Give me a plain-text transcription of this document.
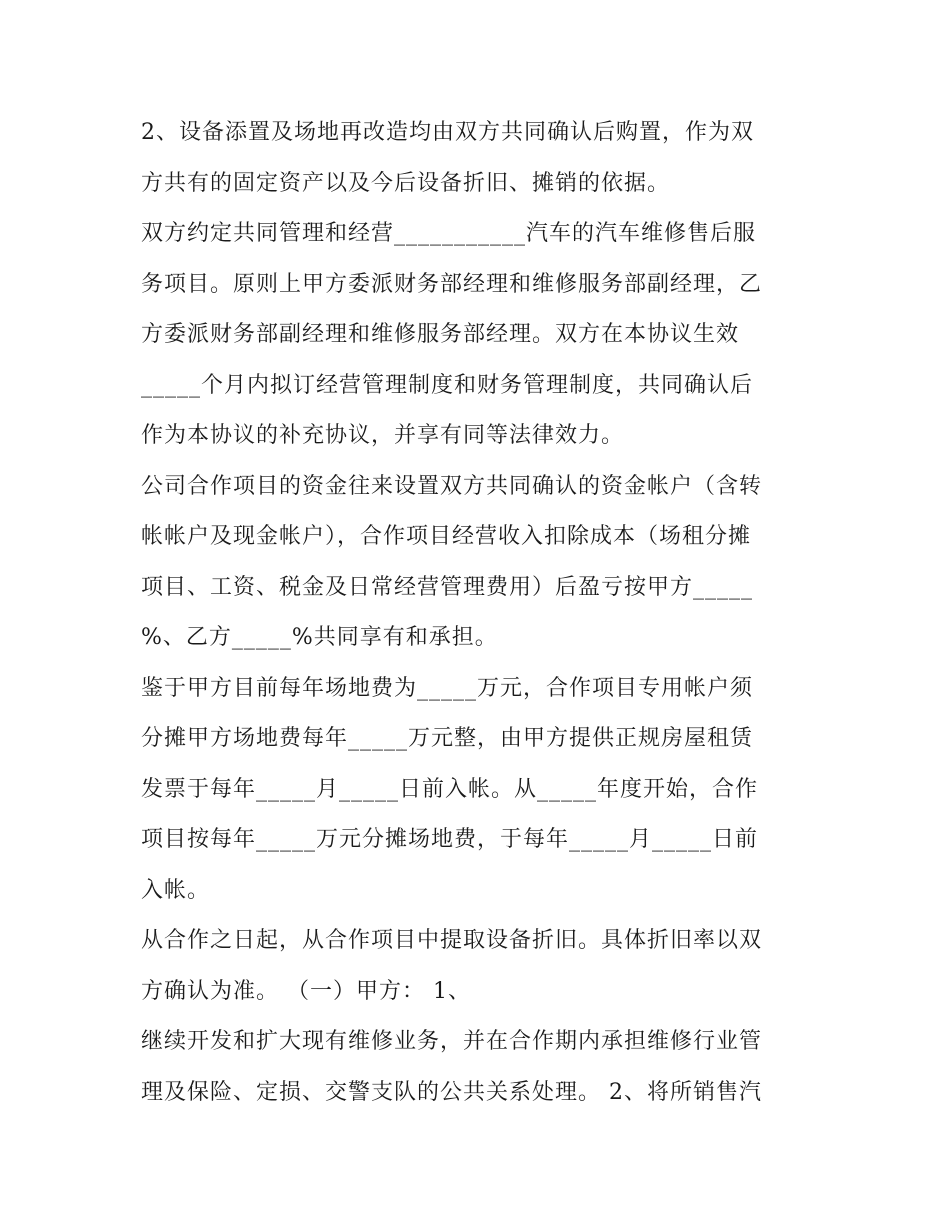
2、设备添置及场地再改造均由双方共同确认后购置，作为双
方共有的固定资产以及今后设备折旧、摊销的依据。
双方约定共同管理和经营___________汽车的汽车维修售后服
务项目。原则上甲方委派财务部经理和维修服务部副经理，乙
方委派财务部副经理和维修服务部经理。双方在本协议生效
_____个月内拟订经营管理制度和财务管理制度，共同确认后
作为本协议的补充协议，并享有同等法律效力。
公司合作项目的资金往来设置双方共同确认的资金帐户（含转
帐帐户及现金帐户），合作项目经营收入扣除成本（场租分摊
项目、工资、税金及日常经营管理费用）后盈亏按甲方_____
%、乙方_____%共同享有和承担。
鉴于甲方目前每年场地费为_____万元，合作项目专用帐户须
分摊甲方场地费每年_____万元整，由甲方提供正规房屋租赁
发票于每年_____月_____日前入帐。从_____年度开始，合作
项目按每年_____万元分摊场地费，于每年_____月_____日前
入帐。
从合作之日起，从合作项目中提取设备折旧。具体折旧率以双
方确认为准。 （一）甲方： 1、
继续开发和扩大现有维修业务，并在合作期内承担维修行业管
理及保险、定损、交警支队的公共关系处理。 2、将所销售汽
